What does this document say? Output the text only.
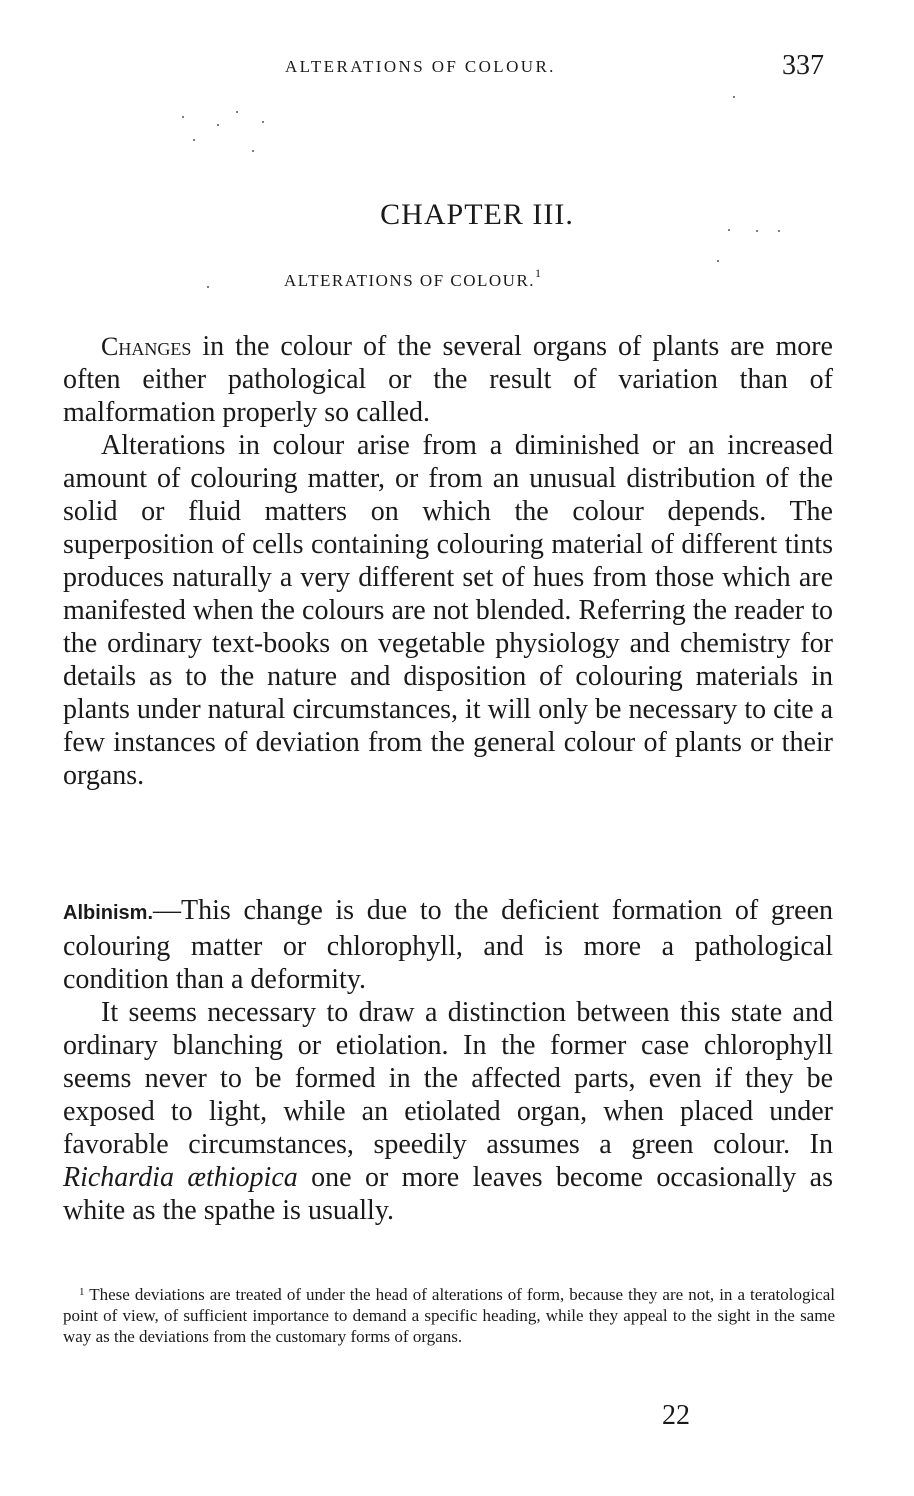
ALTERATIONS OF COLOUR.	337
CHAPTER III.
ALTERATIONS OF COLOUR.$^1$

Changes in the colour of the several organs of plants are more often either pathological or the result of variation than of malformation properly so called.

Alterations in colour arise from a diminished or an increased amount of colouring matter, or from an unusual distribution of the solid or fluid matters on which the colour depends. The superposition of cells containing colouring material of different tints produces naturally a very different set of hues from those which are manifested when the colours are not blended. Referring the reader to the ordinary text-books on vegetable physiology and chemistry for details as to the nature and disposition of colouring materials in plants under natural circumstances, it will only be necessary to cite a few instances of deviation from the general colour of plants or their organs.

Albinism.—This change is due to the deficient formation of green colouring matter or chlorophyll, and is more a pathological condition than a deformity.

It seems necessary to draw a distinction between this state and ordinary blanching or etiolation. In the former case chlorophyll seems never to be formed in the affected parts, even if they be exposed to light, while an etiolated organ, when placed under favorable circumstances, speedily assumes a green colour. In Richardia æthiopica one or more leaves become occasionally as white as the spathe is usually.

$^1$ These deviations are treated of under the head of alterations of form, because they are not, in a teratological point of view, of sufficient importance to demand a specific heading, while they appeal to the sight in the same way as the deviations from the customary forms of organs.
22
